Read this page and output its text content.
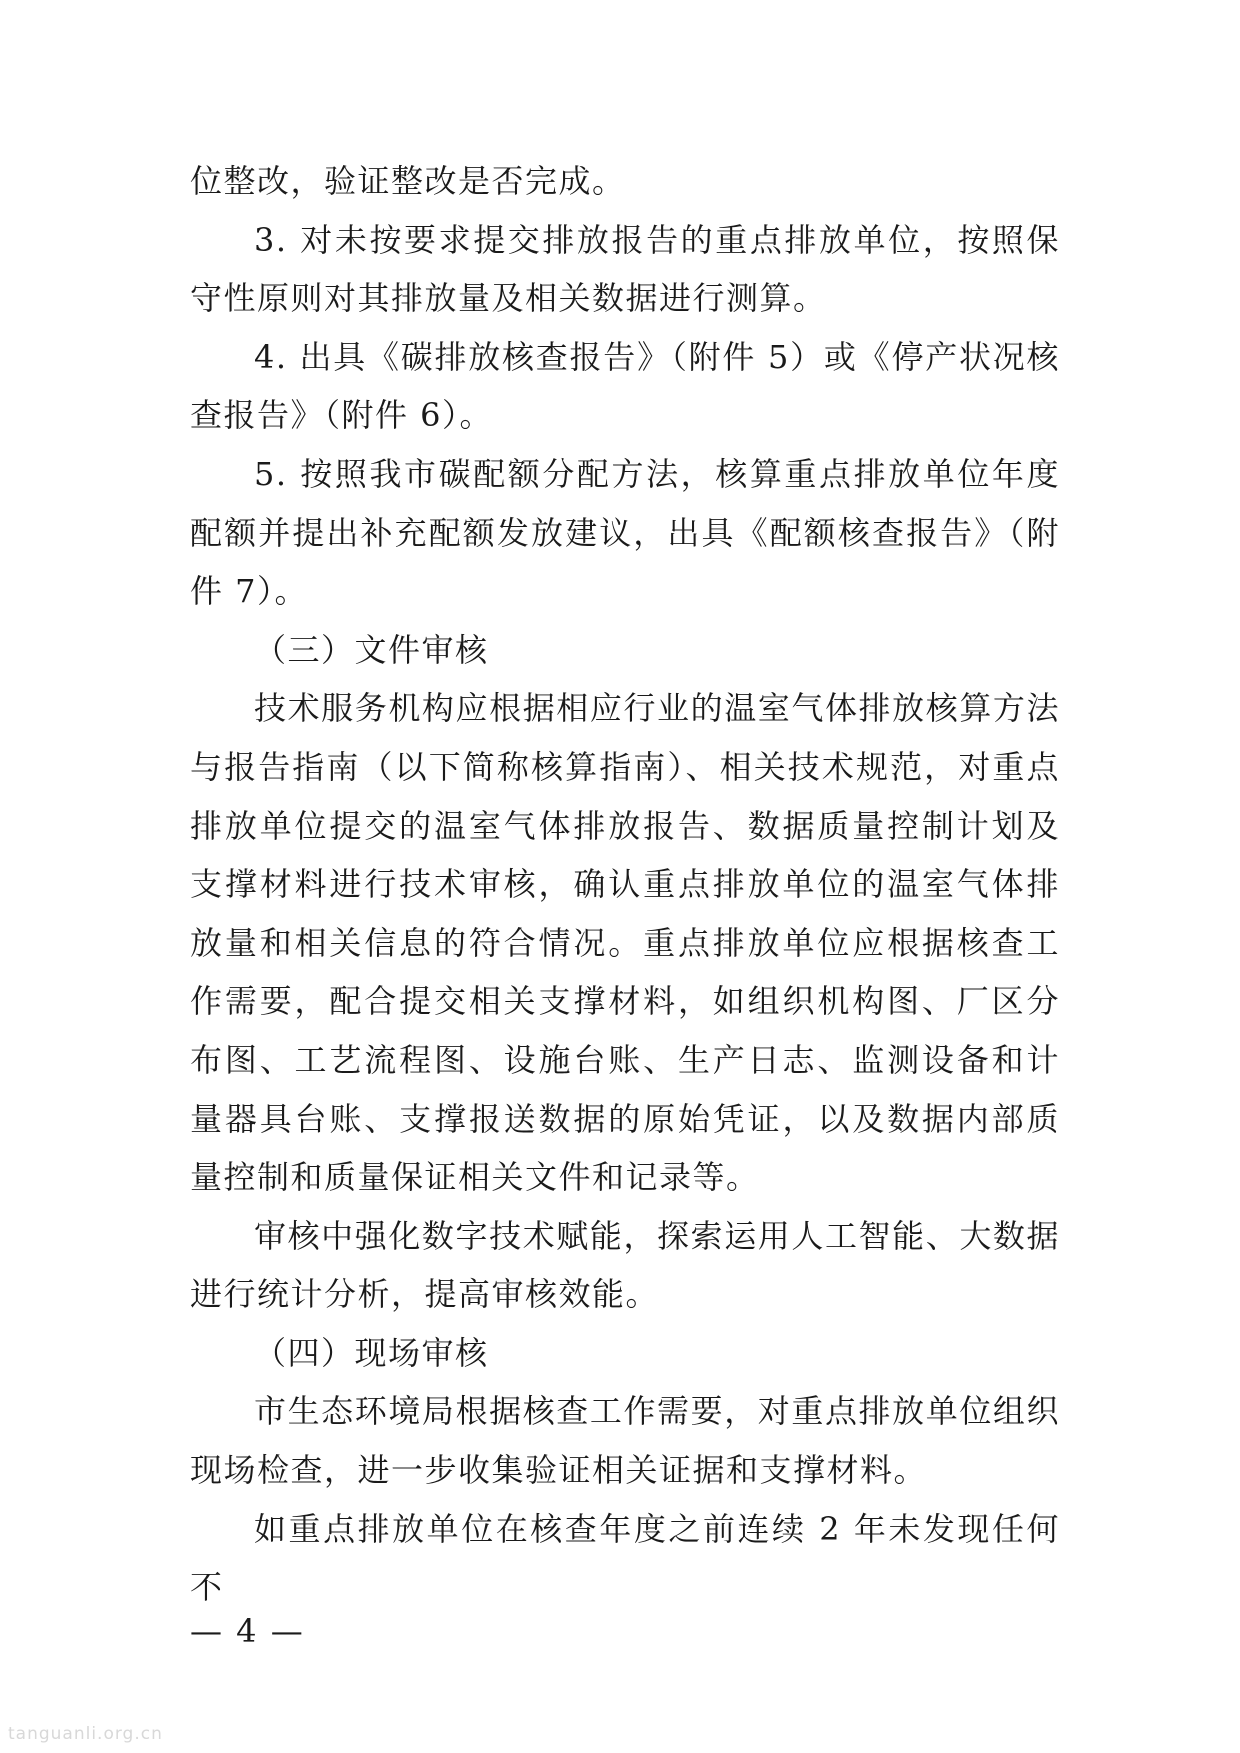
位整改，验证整改是否完成。

3. 对未按要求提交排放报告的重点排放单位，按照保守性原则对其排放量及相关数据进行测算。

4. 出具《碳排放核查报告》（附件 5）或《停产状况核查报告》（附件 6）。

5. 按照我市碳配额分配方法，核算重点排放单位年度配额并提出补充配额发放建议，出具《配额核查报告》（附件 7）。

（三）文件审核

技术服务机构应根据相应行业的温室气体排放核算方法与报告指南（以下简称核算指南）、相关技术规范，对重点排放单位提交的温室气体排放报告、数据质量控制计划及支撑材料进行技术审核，确认重点排放单位的温室气体排放量和相关信息的符合情况。重点排放单位应根据核查工作需要，配合提交相关支撑材料，如组织机构图、厂区分布图、工艺流程图、设施台账、生产日志、监测设备和计量器具台账、支撑报送数据的原始凭证，以及数据内部质量控制和质量保证相关文件和记录等。

审核中强化数字技术赋能，探索运用人工智能、大数据进行统计分析，提高审核效能。

（四）现场审核

市生态环境局根据核查工作需要，对重点排放单位组织现场检查，进一步收集验证相关证据和支撑材料。

如重点排放单位在核查年度之前连续 2 年未发现任何不

— 4 —
tanguanli.org.cn
